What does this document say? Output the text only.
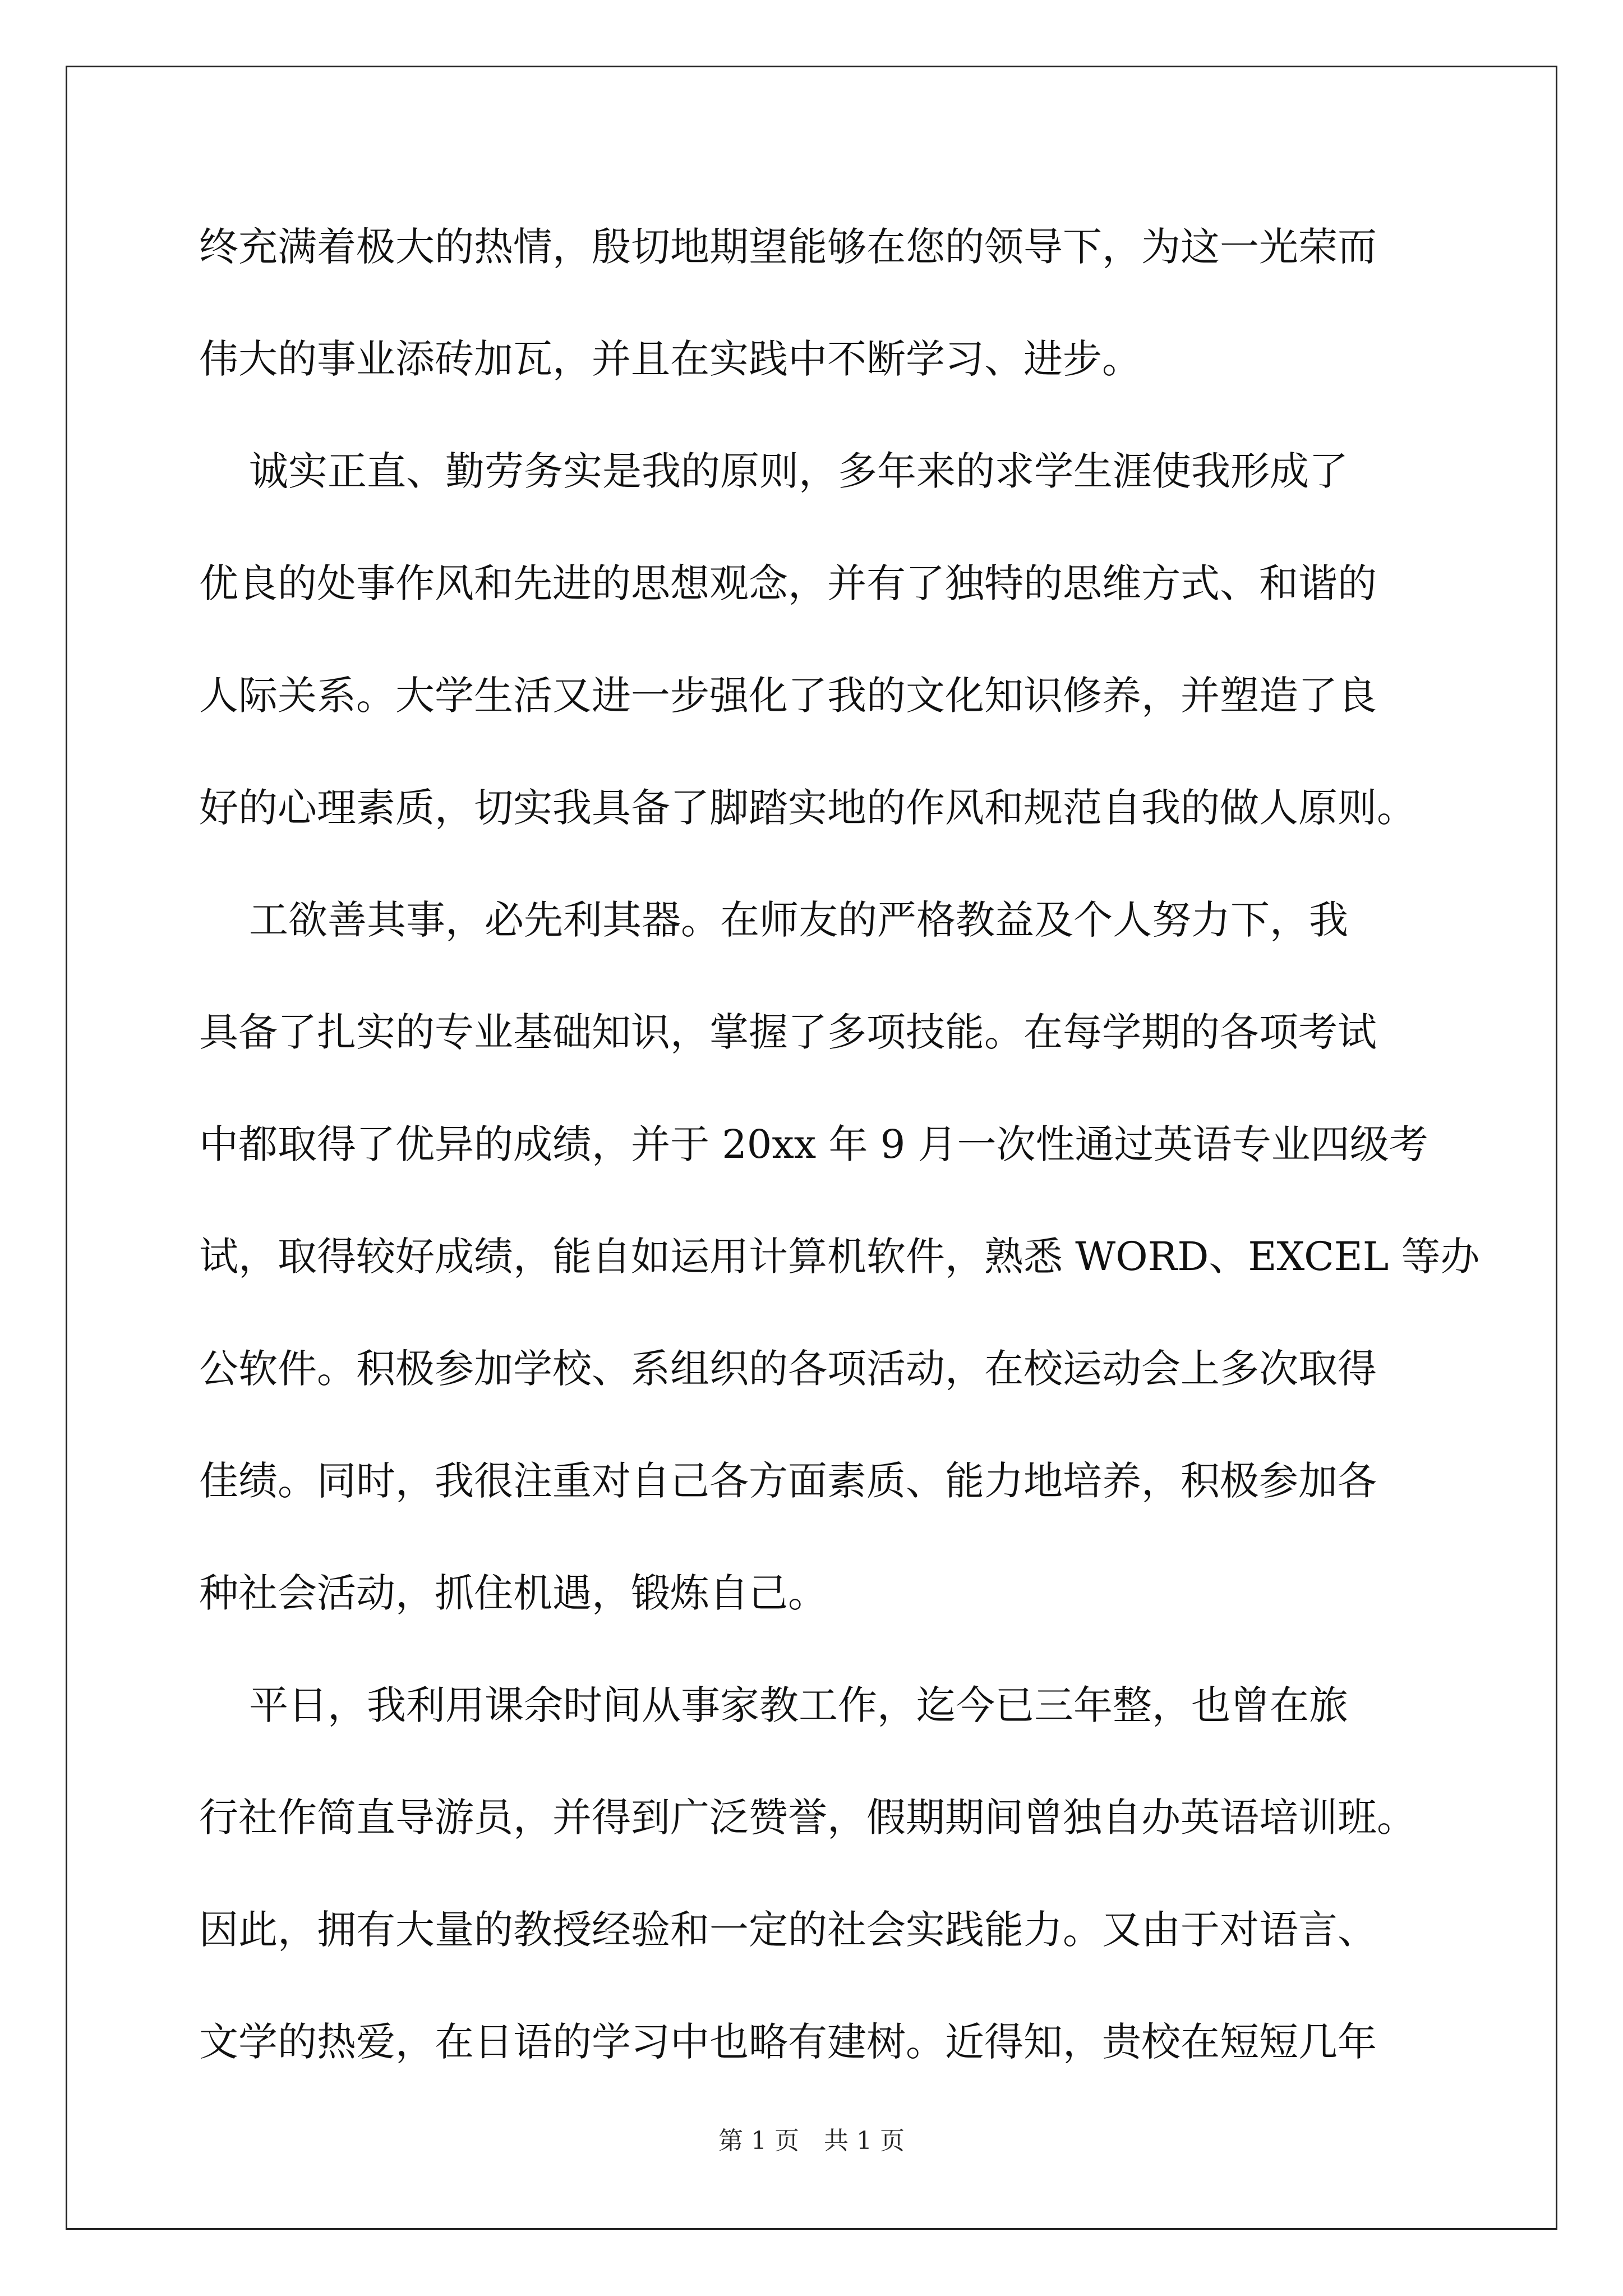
终充满着极大的热情，殷切地期望能够在您的领导下，为这一光荣而
伟大的事业添砖加瓦，并且在实践中不断学习、进步。
诚实正直、勤劳务实是我的原则，多年来的求学生涯使我形成了
优良的处事作风和先进的思想观念，并有了独特的思维方式、和谐的
人际关系。大学生活又进一步强化了我的文化知识修养，并塑造了良
好的心理素质，切实我具备了脚踏实地的作风和规范自我的做人原则。
工欲善其事，必先利其器。在师友的严格教益及个人努力下，我
具备了扎实的专业基础知识，掌握了多项技能。在每学期的各项考试
中都取得了优异的成绩，并于 20xx 年 9 月一次性通过英语专业四级考
试，取得较好成绩，能自如运用计算机软件，熟悉 WORD、EXCEL 等办
公软件。积极参加学校、系组织的各项活动，在校运动会上多次取得
佳绩。同时，我很注重对自己各方面素质、能力地培养，积极参加各
种社会活动，抓住机遇，锻炼自己。
平日，我利用课余时间从事家教工作，迄今已三年整，也曾在旅
行社作简直导游员，并得到广泛赞誉，假期期间曾独自办英语培训班。
因此，拥有大量的教授经验和一定的社会实践能力。又由于对语言、
文学的热爱，在日语的学习中也略有建树。近得知，贵校在短短几年
第 1 页 共 1 页
